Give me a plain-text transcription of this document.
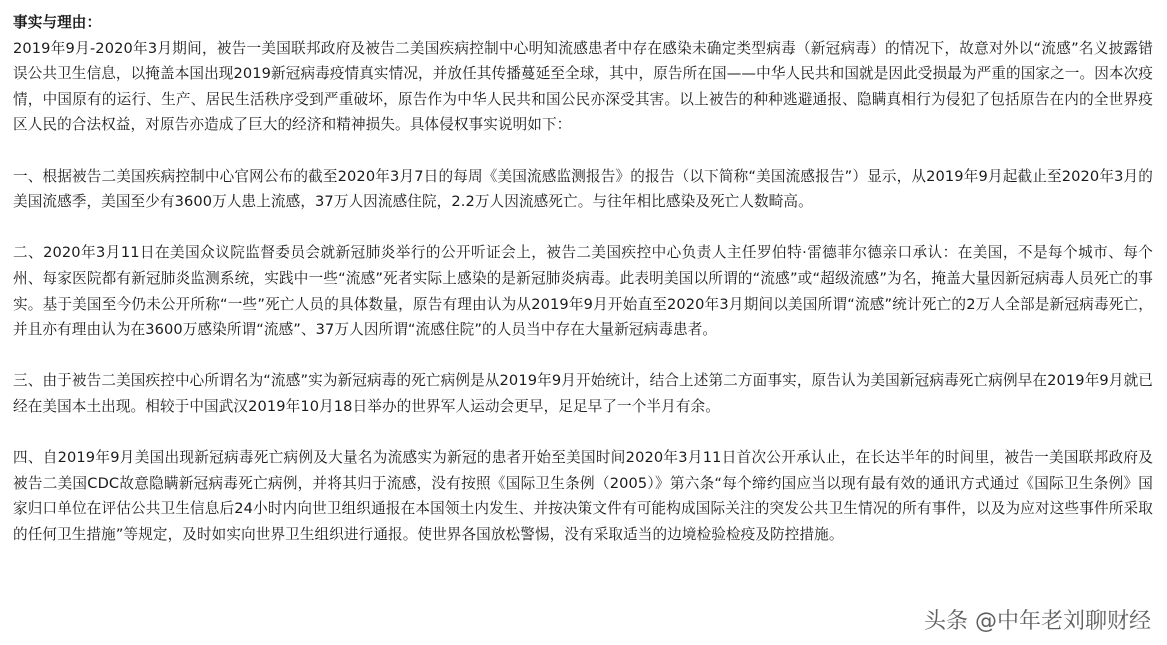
事实与理由：

2019年9月-2020年3月期间，被告一美国联邦政府及被告二美国疾病控制中心明知流感患者中存在感染未确定类型病毒（新冠病毒）的情况下，故意对外以“流感”名义披露错误公共卫生信息，以掩盖本国出现2019新冠病毒疫情真实情况，并放任其传播蔓延至全球，其中，原告所在国——中华人民共和国就是因此受损最为严重的国家之一。因本次疫情，中国原有的运行、生产、居民生活秩序受到严重破坏，原告作为中华人民共和国公民亦深受其害。以上被告的种种逃避通报、隐瞒真相行为侵犯了包括原告在内的全世界疫区人民的合法权益，对原告亦造成了巨大的经济和精神损失。具体侵权事实说明如下：

一、根据被告二美国疾病控制中心官网公布的截至2020年3月7日的每周《美国流感监测报告》的报告（以下简称“美国流感报告”）显示，从2019年9月起截止至2020年3月的美国流感季，美国至少有3600万人患上流感，37万人因流感住院，2.2万人因流感死亡。与往年相比感染及死亡人数畸高。

二、2020年3月11日在美国众议院监督委员会就新冠肺炎举行的公开听证会上，被告二美国疾控中心负责人主任罗伯特·雷德菲尔德亲口承认：在美国，不是每个城市、每个州、每家医院都有新冠肺炎监测系统，实践中一些“流感”死者实际上感染的是新冠肺炎病毒。此表明美国以所谓的“流感”或“超级流感”为名，掩盖大量因新冠病毒人员死亡的事实。基于美国至今仍未公开所称“一些”死亡人员的具体数量，原告有理由认为从2019年9月开始直至2020年3月期间以美国所谓“流感”统计死亡的2万人全部是新冠病毒死亡，并且亦有理由认为在3600万感染所谓“流感”、37万人因所谓“流感住院”的人员当中存在大量新冠病毒患者。

三、由于被告二美国疾控中心所谓名为“流感”实为新冠病毒的死亡病例是从2019年9月开始统计，结合上述第二方面事实，原告认为美国新冠病毒死亡病例早在2019年9月就已经在美国本土出现。相较于中国武汉2019年10月18日举办的世界军人运动会更早，足足早了一个半月有余。

四、自2019年9月美国出现新冠病毒死亡病例及大量名为流感实为新冠的患者开始至美国时间2020年3月11日首次公开承认止，在长达半年的时间里，被告一美国联邦政府及被告二美国CDC故意隐瞒新冠病毒死亡病例，并将其归于流感，没有按照《国际卫生条例（2005）》第六条“每个缔约国应当以现有最有效的通讯方式通过《国际卫生条例》国家归口单位在评估公共卫生信息后24小时内向世卫组织通报在本国领土内发生、并按决策文件有可能构成国际关注的突发公共卫生情况的所有事件，以及为应对这些事件所采取的任何卫生措施”等规定，及时如实向世界卫生组织进行通报。使世界各国放松警惕，没有采取适当的边境检验检疫及防控措施。

头条 @中年老刘聊财经
